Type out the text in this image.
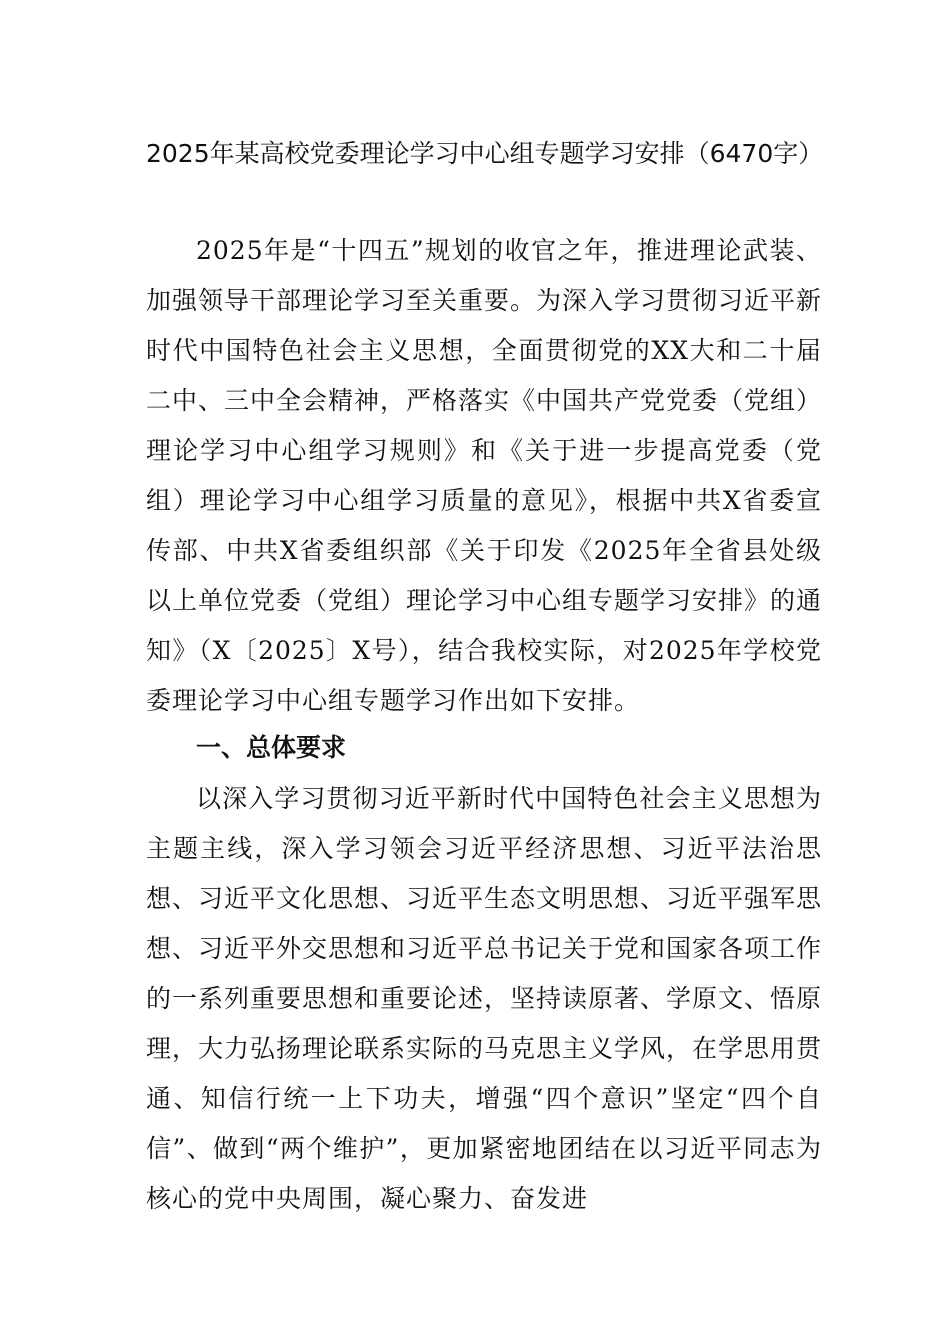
2025年某高校党委理论学习中心组专题学习安排（6470字）

2025年是“十四五”规划的收官之年，推进理论武装、加强领导干部理论学习至关重要。为深入学习贯彻习近平新时代中国特色社会主义思想，全面贯彻党的XX大和二十届二中、三中全会精神，严格落实《中国共产党党委（党组）理论学习中心组学习规则》和《关于进一步提高党委（党组）理论学习中心组学习质量的意见》，根据中共X省委宣传部、中共X省委组织部《关于印发《2025年全省县处级以上单位党委（党组）理论学习中心组专题学习安排》的通知》（X〔2025〕X号），结合我校实际，对2025年学校党委理论学习中心组专题学习作出如下安排。

一、总体要求

以深入学习贯彻习近平新时代中国特色社会主义思想为主题主线，深入学习领会习近平经济思想、习近平法治思想、习近平文化思想、习近平生态文明思想、习近平强军思想、习近平外交思想和习近平总书记关于党和国家各项工作的一系列重要思想和重要论述，坚持读原著、学原文、悟原理，大力弘扬理论联系实际的马克思主义学风，在学思用贯通、知信行统一上下功夫，增强“四个意识”坚定“四个自信”、做到“两个维护”，更加紧密地团结在以习近平同志为核心的党中央周围，凝心聚力、奋发进
